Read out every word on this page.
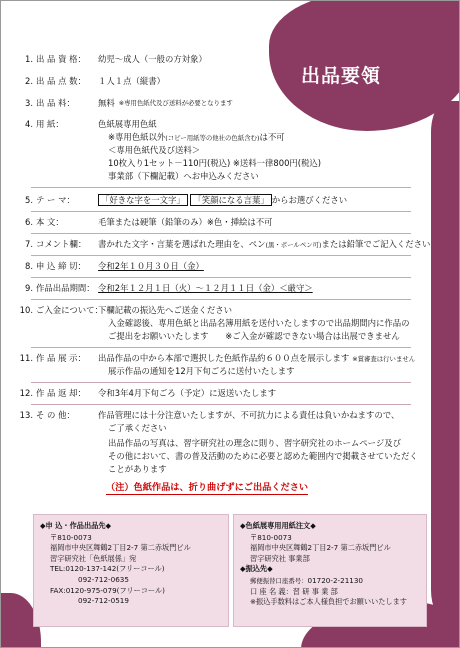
出品要領
1. 出 品 資 格：	幼児～成人（一般の方対象）
2. 出 品 点 数：	１人１点（縦書）
3. 出 品 料：	無料 ※専用色紙代及び送料が必要となります
4. 用 紙：	色紙展専用色紙
※専用色紙以外(コピー用紙等の他社の色紙含む)は不可
＜専用色紙代及び送料＞
10枚入り1セット－110円(税込) ※送料一律800円(税込)
事業部（下欄記載）へお申込みください
5. テ ー マ：	「好きな字を一文字」 「笑顔になる言葉」 からお選びください
6. 本 文：	毛筆または硬筆（鉛筆のみ）※色・挿絵は不可
7. コメント欄：	書かれた文字・言葉を選ばれた理由を、ペン(黒・ボールペン可)または鉛筆でご記入ください
8. 申 込 締 切：	令和2年１０月３０日（金）
9. 作品出品期間： 令和2年１２月１日（火）～１２月１１日（金）＜厳守＞
10. ご入金について：
下欄記載の振込先へご送金ください
入金確認後、専用色紙と出品名簿用紙を送付いたしますので出品期間内に作品の
ご提出をお願いいたします　　※ご入金が確認できない場合は出展できません
11. 作 品 展 示：	出品作品の中から本部で選択した色紙作品約６００点を展示します ※賞審査は行いません
展示作品の通知を12月下旬ごろに送付いたします
12. 作 品 返 却：	令和3年4月下旬ごろ（予定）に返送いたします
13. そ の 他：	作品管理には十分注意いたしますが、不可抗力による責任は負いかねますので、
ご了承ください
出品作品の写真は、習字研究社の理念に則り、習字研究社のホームページ及び
その他において、書の普及活動のために必要と認めた範囲内で掲載させていただく
ことがあります
（注）色紙作品は、折り曲げずにご出品ください
◆申 込・作品出品先◆
〒810-0073
福岡市中央区舞鶴2丁目2-7 第二赤坂門ビル
習字研究社「色紙展係」宛
TEL:0120-137-142(フリーコール)
092-712-0635
FAX:0120-975-079(フリーコール)
092-712-0519
◆色紙展専用用紙注文◆
〒810-0073
福岡市中央区舞鶴2丁目2-7 第二赤坂門ビル
習字研究社 事業部
◆振込先◆
郵便振替口座番号：01720-2-21130
口 座 名 義：習 研 事 業 部
※振込手数料はご本人様負担でお願いいたします
